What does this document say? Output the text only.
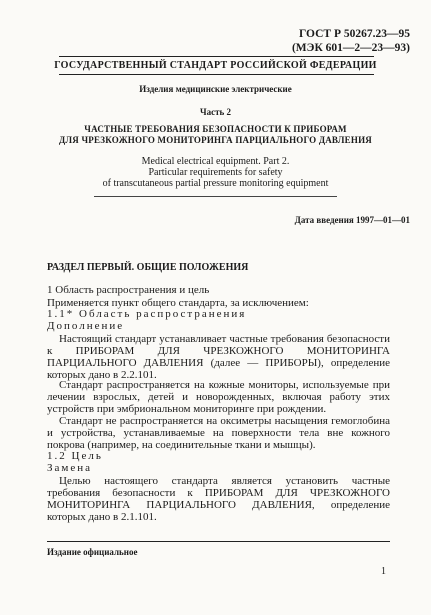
ГОСТ Р 50267.23—95
(МЭК 601—2—23—93)
ГОСУДАРСТВЕННЫЙ СТАНДАРТ РОССИЙСКОЙ ФЕДЕРАЦИИ
Изделия медицинские электрические
Часть 2
ЧАСТНЫЕ ТРЕБОВАНИЯ БЕЗОПАСНОСТИ К ПРИБОРАМ
ДЛЯ ЧРЕЗКОЖНОГО МОНИТОРИНГА ПАРЦИАЛЬНОГО ДАВЛЕНИЯ
Medical electrical equipment. Part 2.
Particular requirements for safety
of transcutaneous partial pressure monitoring equipment
Дата введения 1997—01—01
РАЗДЕЛ ПЕРВЫЙ. ОБЩИЕ ПОЛОЖЕНИЯ
1 Область распространения и цель
Применяется пункт общего стандарта, за исключением:
1.1* Область распространения
Дополнение
Настоящий стандарт устанавливает частные требования безопасности к ПРИБОРАМ ДЛЯ ЧРЕЗКОЖНОГО МОНИТОРИНГА ПАРЦИАЛЬНОГО ДАВЛЕНИЯ (далее — ПРИБОРЫ), определение которых дано в 2.2.101.
Стандарт распространяется на кожные мониторы, используемые при лечении взрослых, детей и новорожденных, включая работу этих устройств при эмбриональном мониторинге при рождении.
Стандарт не распространяется на оксиметры насыщения гемоглобина и устройства, устанавливаемые на поверхности тела вне кожного покрова (например, на соединительные ткани и мышцы).
1.2 Цель
Замена
Целью настоящего стандарта является установить частные требования безопасности к ПРИБОРАМ ДЛЯ ЧРЕЗКОЖНОГО МОНИТОРИНГА ПАРЦИАЛЬНОГО ДАВЛЕНИЯ, определение которых дано в 2.1.101.
Издание официальное
1
